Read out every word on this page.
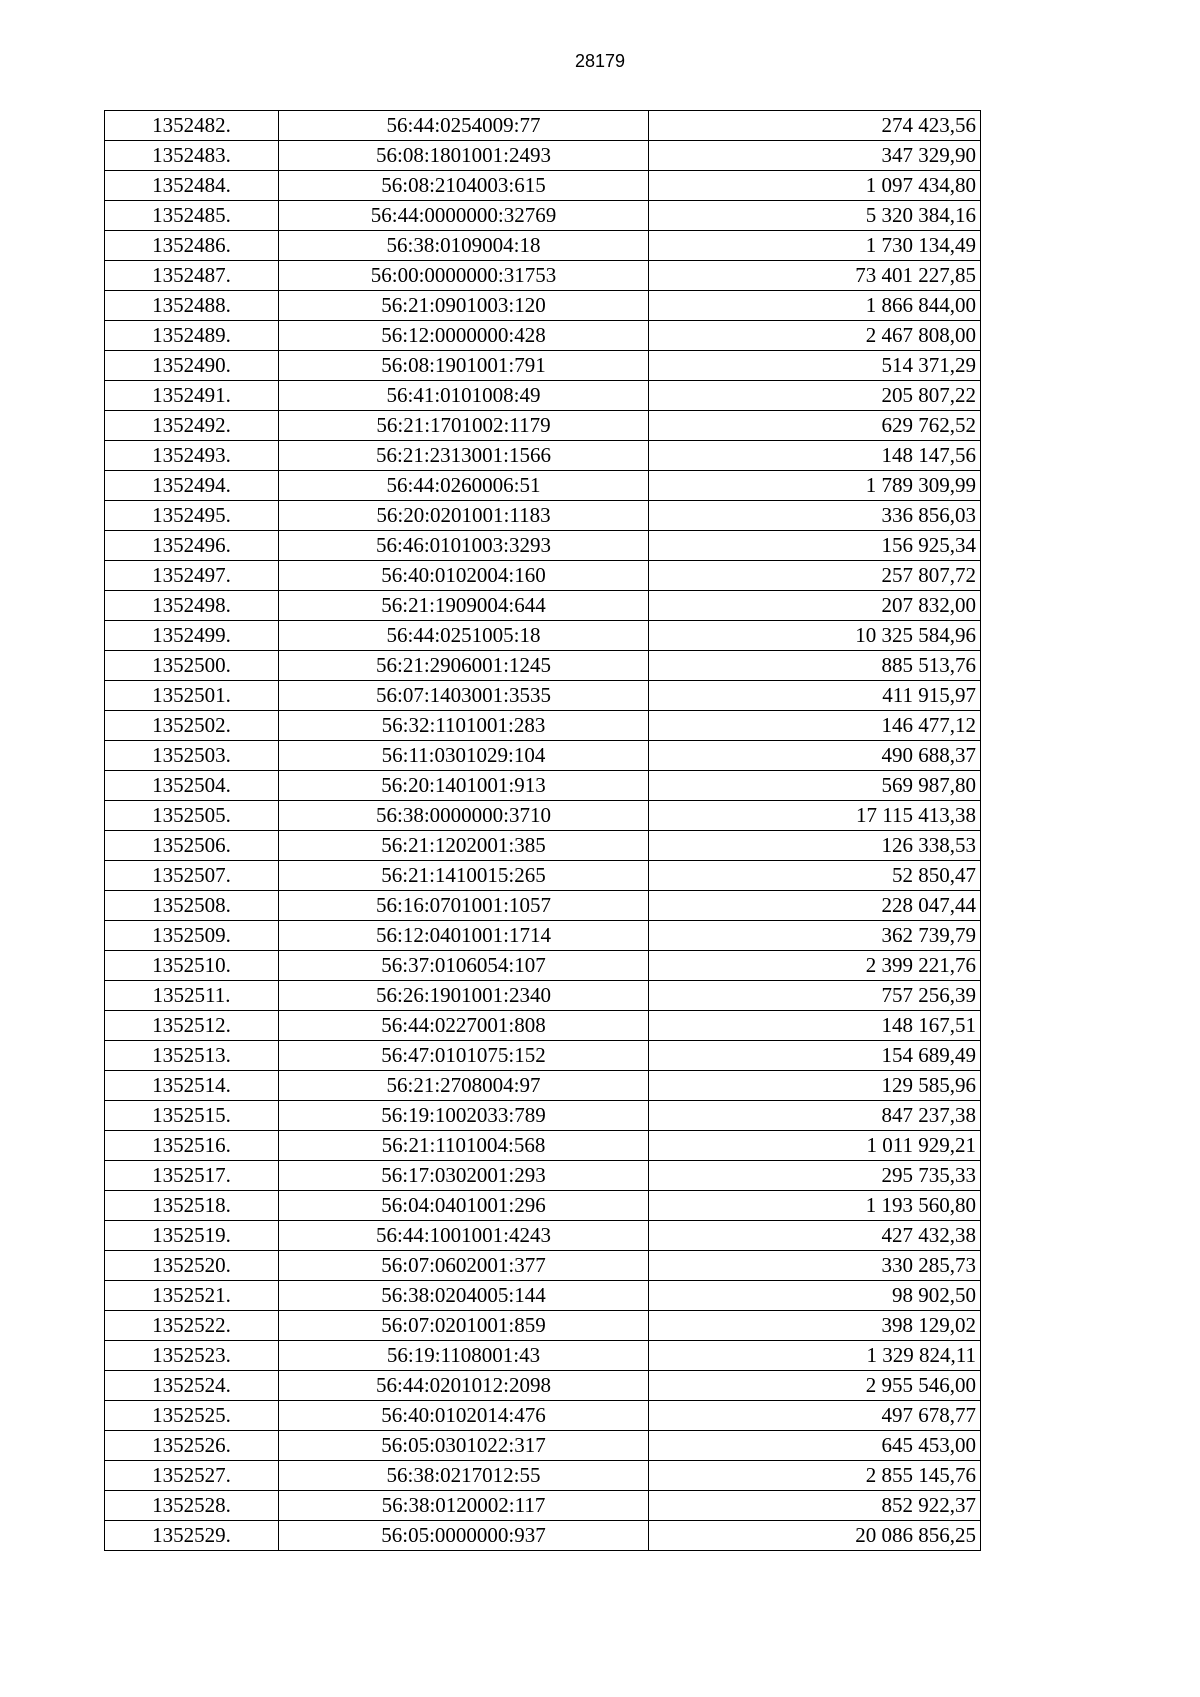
28179
1352482.	56:44:0254009:77	274 423,56
1352483.	56:08:1801001:2493	347 329,90
1352484.	56:08:2104003:615	1 097 434,80
1352485.	56:44:0000000:32769	5 320 384,16
1352486.	56:38:0109004:18	1 730 134,49
1352487.	56:00:0000000:31753	73 401 227,85
1352488.	56:21:0901003:120	1 866 844,00
1352489.	56:12:0000000:428	2 467 808,00
1352490.	56:08:1901001:791	514 371,29
1352491.	56:41:0101008:49	205 807,22
1352492.	56:21:1701002:1179	629 762,52
1352493.	56:21:2313001:1566	148 147,56
1352494.	56:44:0260006:51	1 789 309,99
1352495.	56:20:0201001:1183	336 856,03
1352496.	56:46:0101003:3293	156 925,34
1352497.	56:40:0102004:160	257 807,72
1352498.	56:21:1909004:644	207 832,00
1352499.	56:44:0251005:18	10 325 584,96
1352500.	56:21:2906001:1245	885 513,76
1352501.	56:07:1403001:3535	411 915,97
1352502.	56:32:1101001:283	146 477,12
1352503.	56:11:0301029:104	490 688,37
1352504.	56:20:1401001:913	569 987,80
1352505.	56:38:0000000:3710	17 115 413,38
1352506.	56:21:1202001:385	126 338,53
1352507.	56:21:1410015:265	52 850,47
1352508.	56:16:0701001:1057	228 047,44
1352509.	56:12:0401001:1714	362 739,79
1352510.	56:37:0106054:107	2 399 221,76
1352511.	56:26:1901001:2340	757 256,39
1352512.	56:44:0227001:808	148 167,51
1352513.	56:47:0101075:152	154 689,49
1352514.	56:21:2708004:97	129 585,96
1352515.	56:19:1002033:789	847 237,38
1352516.	56:21:1101004:568	1 011 929,21
1352517.	56:17:0302001:293	295 735,33
1352518.	56:04:0401001:296	1 193 560,80
1352519.	56:44:1001001:4243	427 432,38
1352520.	56:07:0602001:377	330 285,73
1352521.	56:38:0204005:144	98 902,50
1352522.	56:07:0201001:859	398 129,02
1352523.	56:19:1108001:43	1 329 824,11
1352524.	56:44:0201012:2098	2 955 546,00
1352525.	56:40:0102014:476	497 678,77
1352526.	56:05:0301022:317	645 453,00
1352527.	56:38:0217012:55	2 855 145,76
1352528.	56:38:0120002:117	852 922,37
1352529.	56:05:0000000:937	20 086 856,25
